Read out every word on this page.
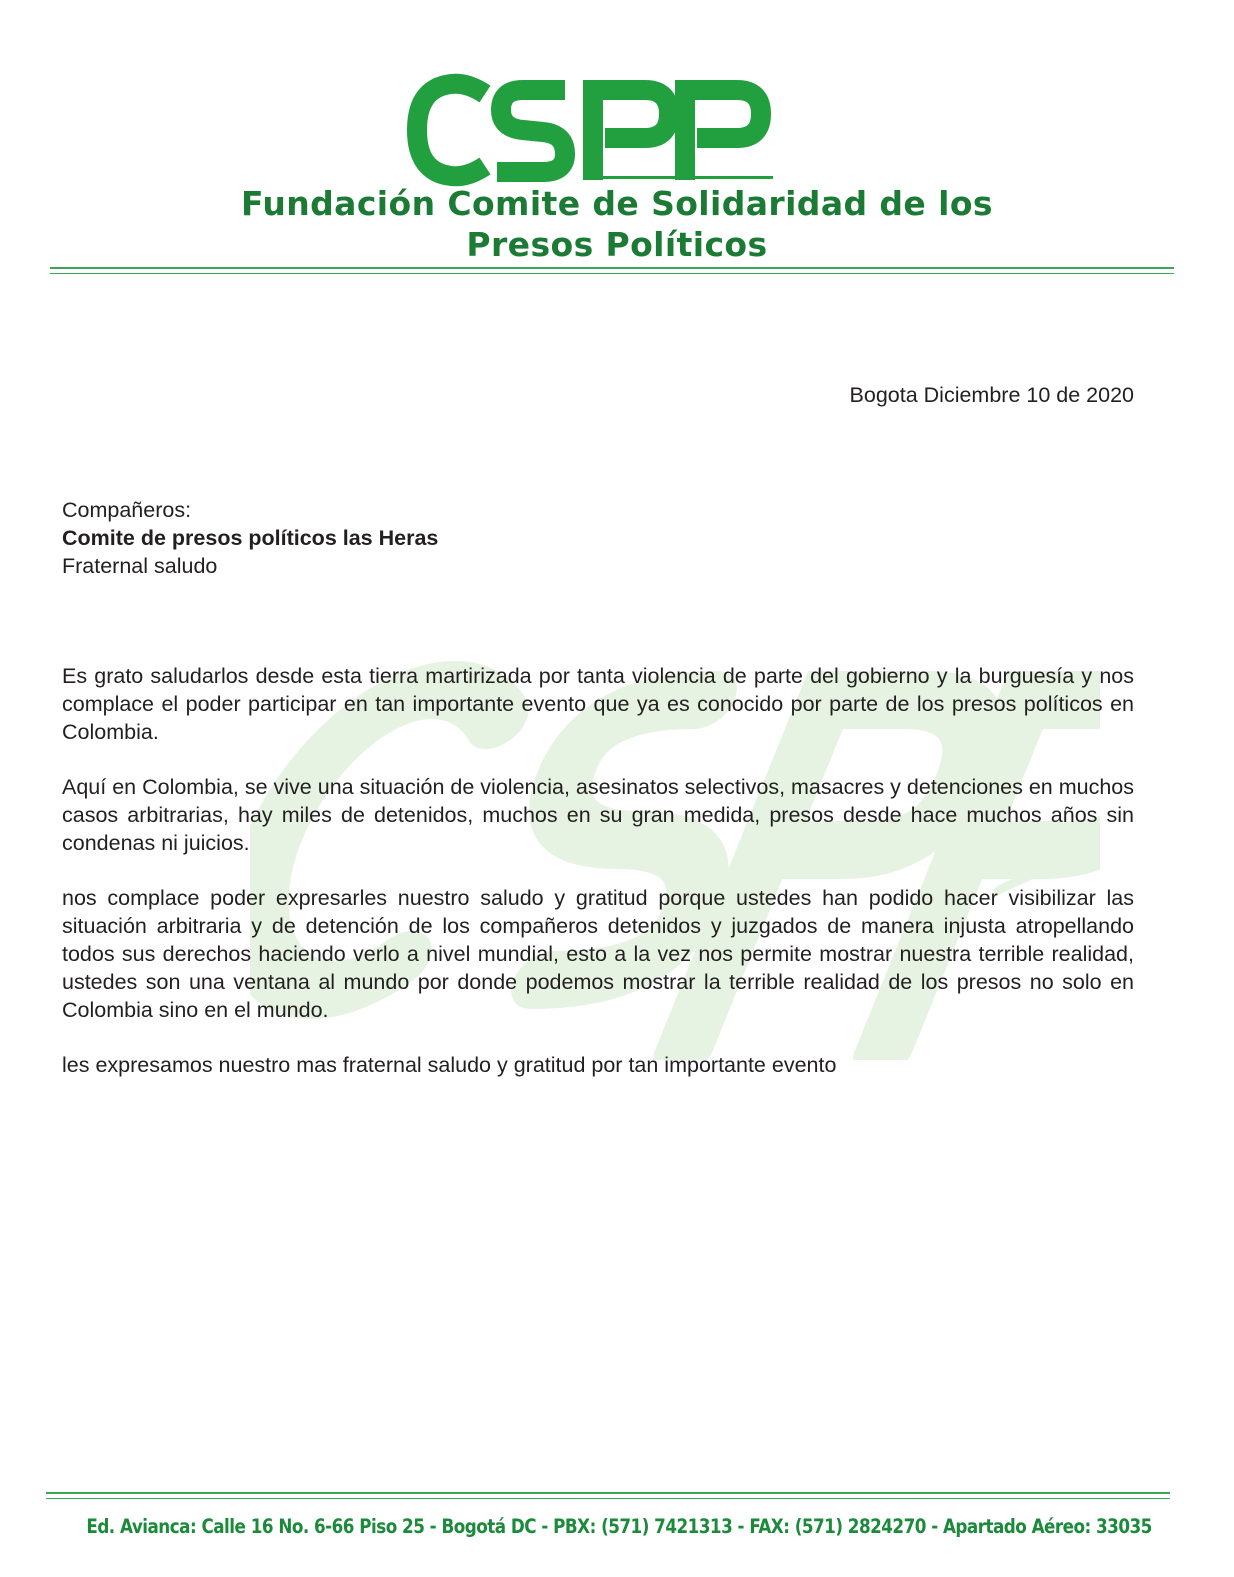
Fundación Comite de Solidaridad de los
Presos Políticos
Bogota Diciembre 10 de 2020
Compañeros:
Comite de presos políticos las Heras
Fraternal saludo

Es grato saludarlos desde esta tierra martirizada por tanta violencia de parte del gobierno y la burguesía y nos complace el poder participar en tan importante evento que ya es conocido por parte de los presos políticos en Colombia.

Aquí en Colombia, se vive una situación de violencia, asesinatos selectivos, masacres y detenciones en muchos casos arbitrarias, hay miles de detenidos, muchos en su gran medida, presos desde hace muchos años sin condenas ni juicios.

nos complace poder expresarles nuestro saludo y gratitud porque ustedes han podido hacer visibilizar las situación arbitraria y de detención de los compañeros detenidos y juzgados de manera injusta atropellando todos sus derechos haciendo verlo a nivel mundial, esto a la vez nos permite mostrar nuestra terrible realidad, ustedes son una ventana al mundo por donde podemos mostrar la terrible realidad de los presos no solo en Colombia sino en el mundo.

les expresamos nuestro mas fraternal saludo y gratitud por tan importante evento

Ed. Avianca: Calle 16 No. 6-66 Piso 25 - Bogotá DC - PBX: (571) 7421313 - FAX: (571) 2824270 - Apartado Aéreo: 33035
